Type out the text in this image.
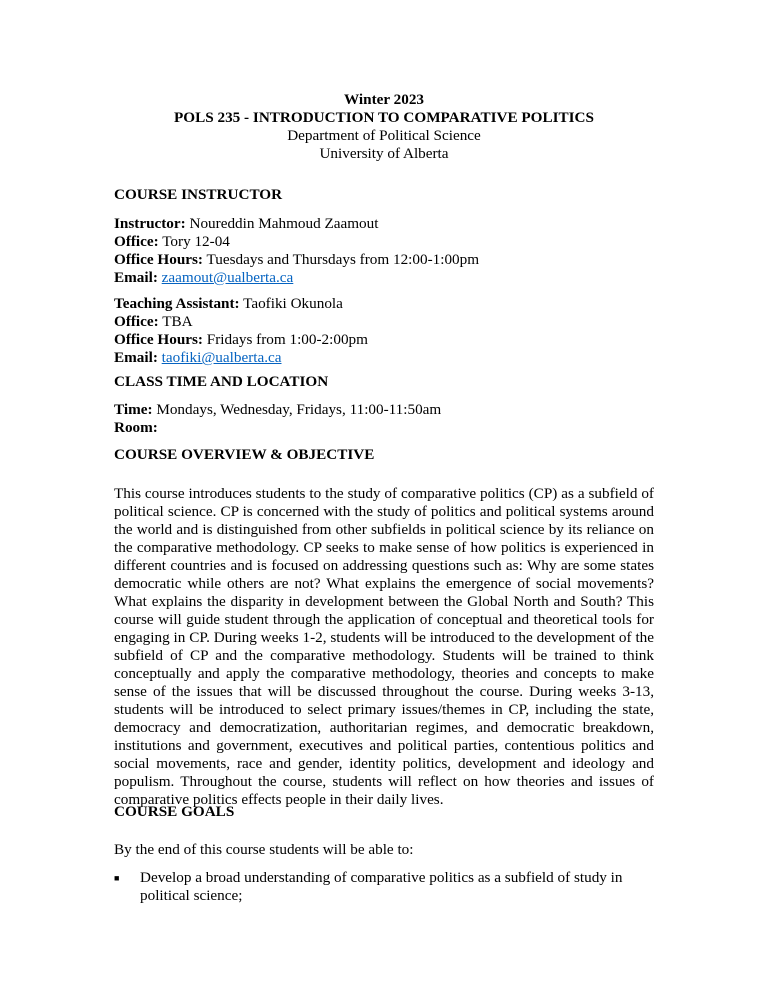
Winter 2023
POLS 235 - INTRODUCTION TO COMPARATIVE POLITICS
Department of Political Science
University of Alberta
COURSE INSTRUCTOR
Instructor: Noureddin Mahmoud Zaamout
Office: Tory 12-04
Office Hours: Tuesdays and Thursdays from 12:00-1:00pm
Email: zaamout@ualberta.ca
Teaching Assistant: Taofiki Okunola
Office: TBA
Office Hours: Fridays from 1:00-2:00pm
Email: taofiki@ualberta.ca
CLASS TIME AND LOCATION
Time: Mondays, Wednesday, Fridays, 11:00-11:50am
Room:
COURSE OVERVIEW & OBJECTIVE
This course introduces students to the study of comparative politics (CP) as a subfield of political science. CP is concerned with the study of politics and political systems around the world and is distinguished from other subfields in political science by its reliance on the comparative methodology. CP seeks to make sense of how politics is experienced in different countries and is focused on addressing questions such as: Why are some states democratic while others are not? What explains the emergence of social movements? What explains the disparity in development between the Global North and South? This course will guide student through the application of conceptual and theoretical tools for engaging in CP. During weeks 1-2, students will be introduced to the development of the subfield of CP and the comparative methodology. Students will be trained to think conceptually and apply the comparative methodology, theories and concepts to make sense of the issues that will be discussed throughout the course. During weeks 3-13, students will be introduced to select primary issues/themes in CP, including the state, democracy and democratization, authoritarian regimes, and democratic breakdown, institutions and government, executives and political parties, contentious politics and social movements, race and gender, identity politics, development and ideology and populism. Throughout the course, students will reflect on how theories and issues of comparative politics effects people in their daily lives.
COURSE GOALS
By the end of this course students will be able to:
■ Develop a broad understanding of comparative politics as a subfield of study in political science;
